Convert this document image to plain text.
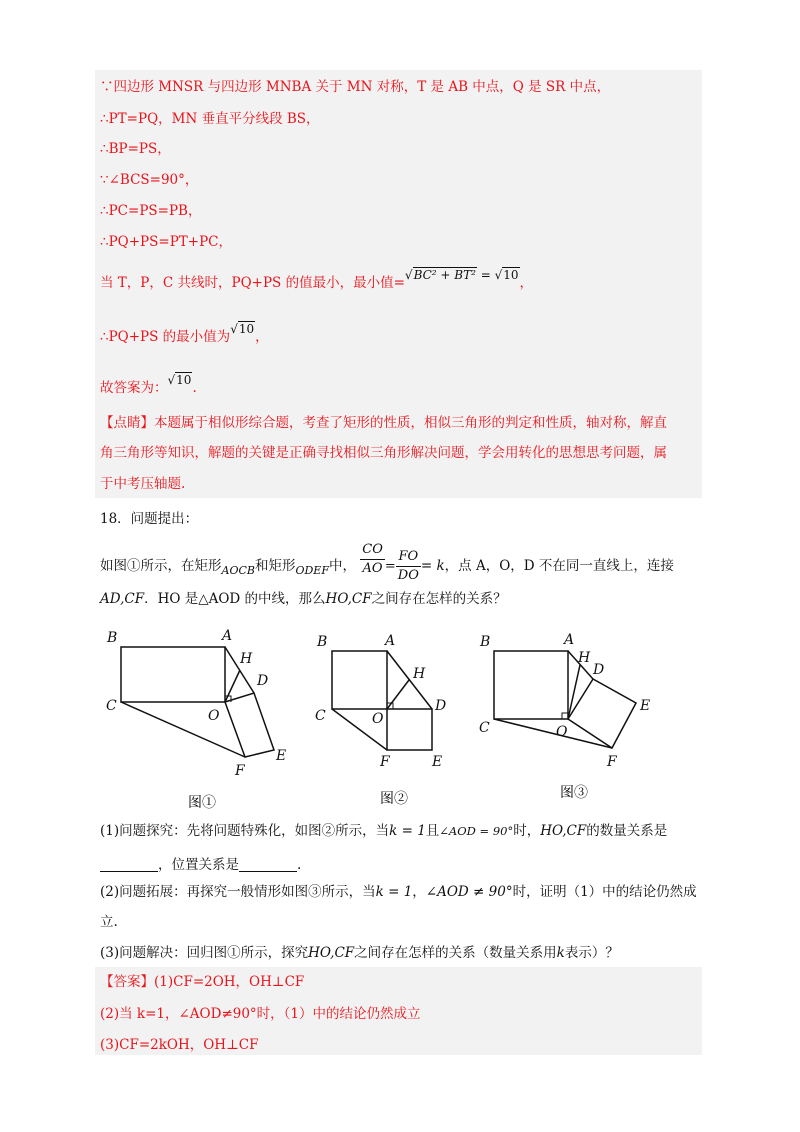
∵四边形 MNSR 与四边形 MNBA 关于 MN 对称，T 是 AB 中点，Q 是 SR 中点，
∴PT=PQ，MN 垂直平分线段 BS，
∴BP=PS，
∵∠BCS=90°，
∴PC=PS=PB，
∴PQ+PS=PT+PC，
当 T，P，C 共线时，PQ+PS 的值最小，最小值=√BC² + BT² = √10，
∴PQ+PS 的最小值为√10，
故答案为：√10.
【点睛】本题属于相似形综合题，考查了矩形的性质，相似三角形的判定和性质，轴对称，解直
角三角形等知识，解题的关键是正确寻找相似三角形解决问题，学会用转化的思想思考问题，属
于中考压轴题.
18．问题提出：
如图①所示，在矩形$_{AOCB}$和矩形$_{ODEF}$中， $\frac{CO}{AO} = \frac{FO}{DO} = k$，点 A，O，D 不在同一直线上，连接
AD,CF．HO 是△AOD 的中线，那么HO,CF之间存在怎样的关系？
B	A
H
D
C
O
E
F
图①
B	A
H
D
C	O
E
F
图②
B	A
H
D
C	O
E
F
图③
(1)问题探究：先将问题特殊化，如图②所示，当k = 1且∠AOD = 90°时，HO,CF的数量关系是
，位置关系是	.
(2)问题拓展：再探究一般情形如图③所示，当k = 1，∠AOD ≠ 90°时，证明（1）中的结论仍然成
立.
(3)问题解决：回归图①所示，探究HO,CF之间存在怎样的关系（数量关系用k表示）？
【答案】(1)CF=2OH，OH⊥CF
(2)当 k=1，∠AOD≠90°时，（1）中的结论仍然成立
(3)CF=2kOH，OH⊥CF
